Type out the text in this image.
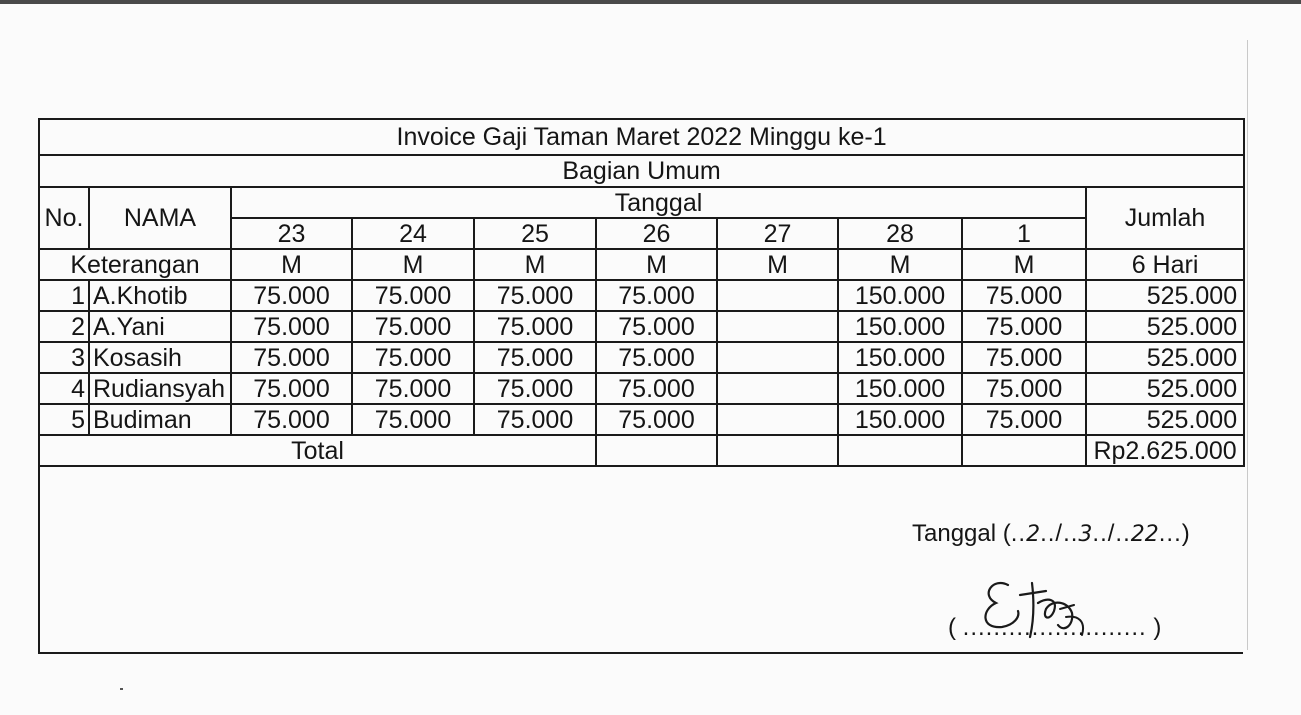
Invoice Gaji Taman Maret 2022 Minggu ke-1									
Bagian Umum									
No.	NAMA	Tanggal							Jumlah
		23	24	25	26	27	28	1	
Keterangan		M	M	M	M	M	M	M	6 Hari
1	A.Khotib	75.000	75.000	75.000	75.000		150.000	75.000	525.000
2	A.Yani	75.000	75.000	75.000	75.000		150.000	75.000	525.000
3	Kosasih	75.000	75.000	75.000	75.000		150.000	75.000	525.000
4	Rudiansyah	75.000	75.000	75.000	75.000		150.000	75.000	525.000
5	Budiman	75.000	75.000	75.000	75.000		150.000	75.000	525.000
Total									Rp2.625.000
Tanggal (..2../..3../..22...)
( ........................ )
